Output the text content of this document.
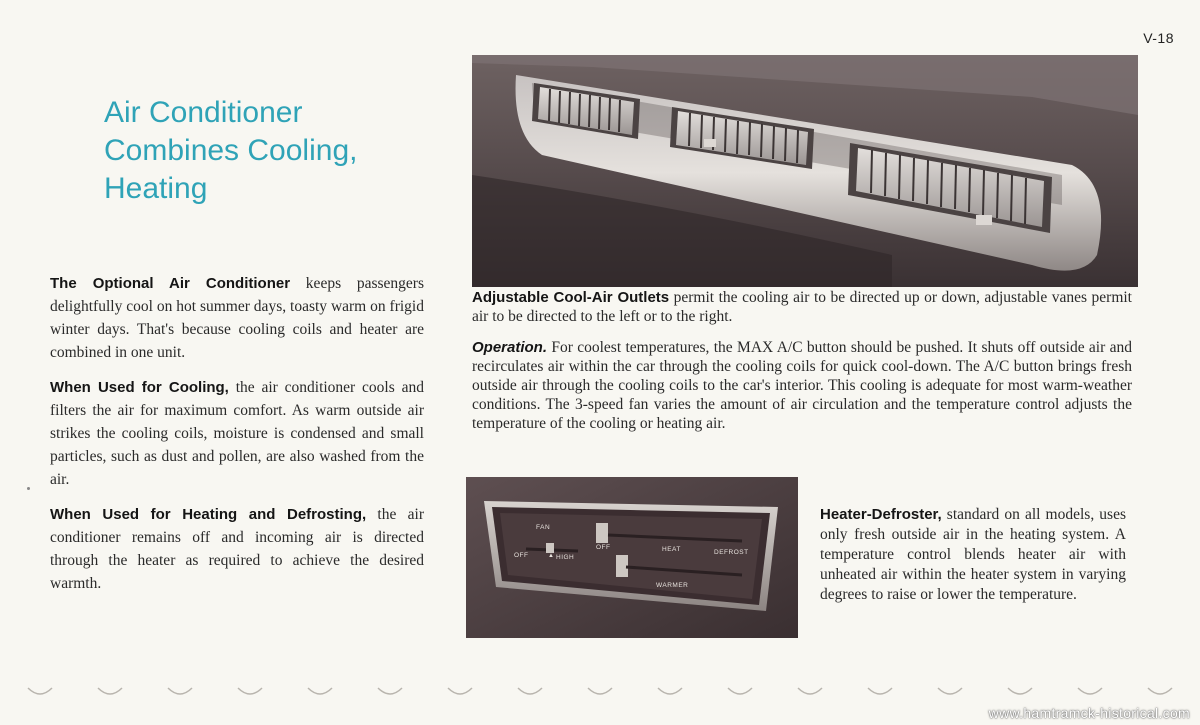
V-18
Air Conditioner
Combines Cooling,
Heating

The Optional Air Conditioner keeps passengers delightfully cool on hot summer days, toasty warm on frigid winter days. That's because cooling coils and heater are combined in one unit.

When Used for Cooling, the air conditioner cools and filters the air for maximum comfort. As warm outside air strikes the cooling coils, moisture is condensed and small particles, such as dust and pollen, are also washed from the air.

When Used for Heating and Defrosting, the air conditioner remains off and incoming air is directed through the heater as required to achieve the desired warmth.

Adjustable Cool-Air Outlets permit the cooling air to be directed up or down, adjustable vanes permit air to be directed to the left or to the right.

Operation. For coolest temperatures, the MAX A/C button should be pushed. It shuts off outside air and recirculates air within the car through the cooling coils for quick cool-down. The A/C button brings fresh outside air through the cooling coils to the car's interior. This cooling is adequate for most warm-weather conditions. The 3-speed fan varies the amount of air circulation and the temperature control adjusts the temperature of the cooling or heating air.

FAN
OFF	HIGH
OFF	HEAT	DEFROST
WARMER
▲

Heater-Defroster, standard on all models, uses only fresh outside air in the heating system. A temperature control blends heater air with unheated air within the heater system in varying degrees to raise or lower the temperature.

www.hamtramck-historical.com
